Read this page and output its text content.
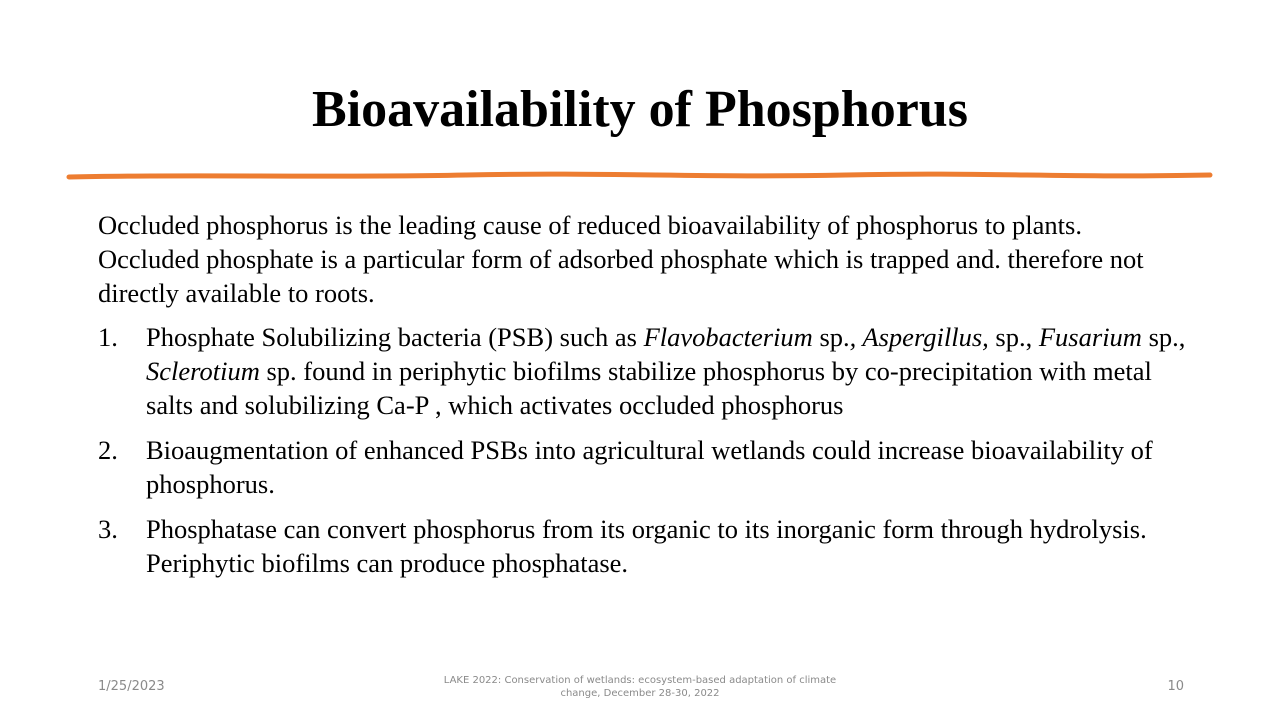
Bioavailability of Phosphorus

Occluded phosphorus is the leading cause of reduced bioavailability of phosphorus to plants. Occluded phosphate is a particular form of adsorbed phosphate which is trapped and. therefore not directly available to roots.

1. Phosphate Solubilizing bacteria (PSB) such as Flavobacterium sp., Aspergillus, sp., Fusarium sp., Sclerotium sp. found in periphytic biofilms stabilize phosphorus by co-precipitation with metal salts and solubilizing Ca-P , which activates occluded phosphorus
2. Bioaugmentation of enhanced PSBs into agricultural wetlands could increase bioavailability of phosphorus.
3. Phosphatase can convert phosphorus from its organic to its inorganic form through hydrolysis. Periphytic biofilms can produce phosphatase.
1/25/2023	LAKE 2022: Conservation of wetlands: ecosystem-based adaptation of climate change, December 28-30, 2022	10
